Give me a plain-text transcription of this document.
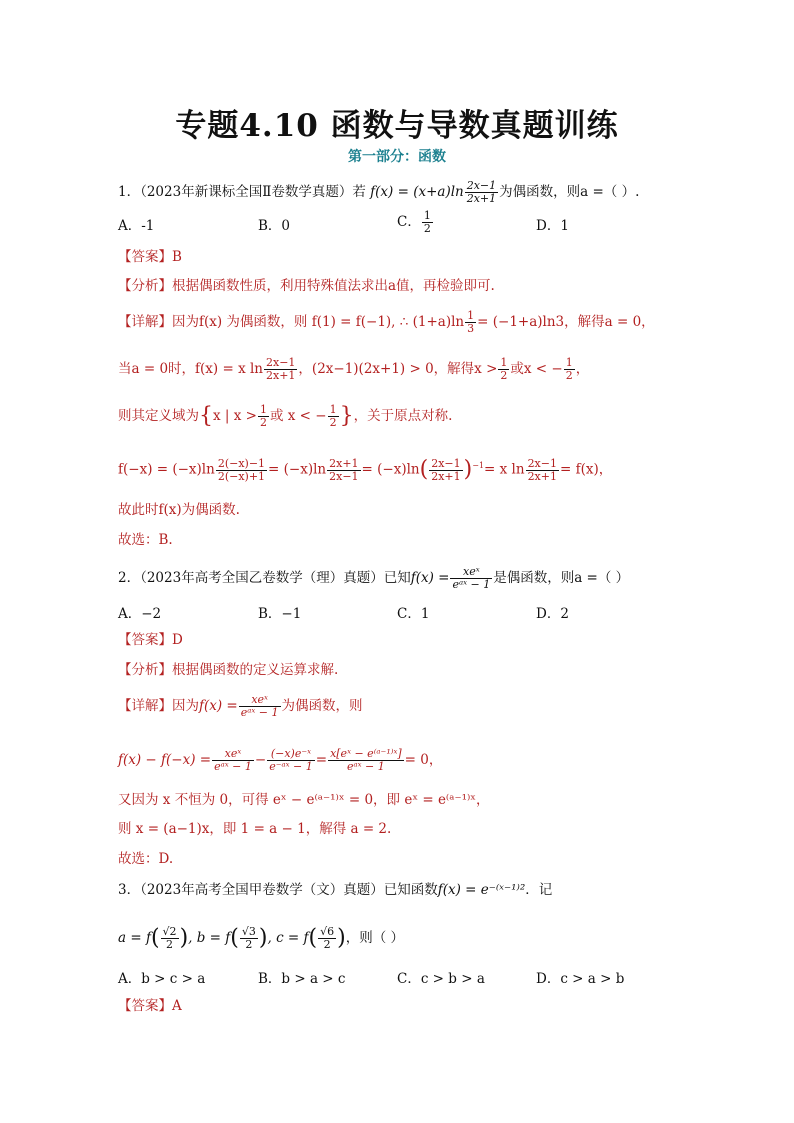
专题4.10 函数与导数真题训练
第一部分：函数
1．（2023年新课标全国Ⅱ卷数学真题）若 $f(x) = (x+a)\ln \frac{2x-1}{2x+1}$ 为偶函数，则a =（ ）.
A．-1	B．0	C． $\frac{1}{2}$	D．1
【答案】B
【分析】根据偶函数性质，利用特殊值法求出a值，再检验即可.
【详解】因为f(x) 为偶函数，则 f(1) = f(−1), ∴ $(1+a)\ln \frac{1}{3} = (-1+a)\ln 3$，解得a = 0，
当a = 0时，f(x) = x $\ln \frac{2x-1}{2x+1}$ ，(2x−1)(2x+1) > 0，解得$x > \frac{1}{2}$ 或x < − $\frac{1}{2}$ ，
则其定义域为{x | $x > \frac{1}{2}$ 或 x < − $\frac{1}{2}$ }，关于原点对称.
$f(-x) = (-x)\ln \frac{2(-x)-1}{2(-x)+1} = (-x)\ln \frac{2x+1}{2x-1} = (-x)\ln( \frac{2x-1}{2x+1} )^{-1}= x$ $\ln \frac{2x-1}{2x+1} = f(x)$，
故此时f(x)为偶函数.
故选：B.
2．（2023年高考全国乙卷数学（理）真题）已知$f(x) = \frac{\text{xeˣ}}{\text{eᵃˣ − 1}}$ 是偶函数，则a =（ ）
A．−2	B．−1	C．1	D．2
【答案】D
【分析】根据偶函数的定义运算求解.
【详解】因为$f(x) = \frac{\text{xeˣ}}{\text{eᵃˣ − 1}}$ 为偶函数，则
$f(x) - f(-x) = \frac{\text{xeˣ}}{\text{eᵃˣ − 1}} - \frac{\text{(−x)e⁻ˣ}}{\text{e⁻ᵃˣ − 1}} = \frac{\text{x[eˣ − e⁽ᵃ⁻¹⁾ˣ]}}{\text{eᵃˣ − 1}} = 0$，
又因为 x 不恒为 0，可得 eˣ − e⁽ᵃ⁻¹⁾ˣ = 0，即 eˣ = e⁽ᵃ⁻¹⁾ˣ，
则 x = (a−1)x，即 1 = a − 1，解得 a = 2.
故选：D.
3．（2023年高考全国甲卷数学（文）真题）已知函数f(x) = e⁻⁽ˣ⁻¹⁾²．记
$a = f( \frac{√2}{2}$ ), $b = f( \frac{√3}{2}$ ), $c = f( \frac{√6}{2}$ )，则（ ）
A．b > c > a	B．b > a > c	C．c > b > a	D．c > a > b
【答案】A
